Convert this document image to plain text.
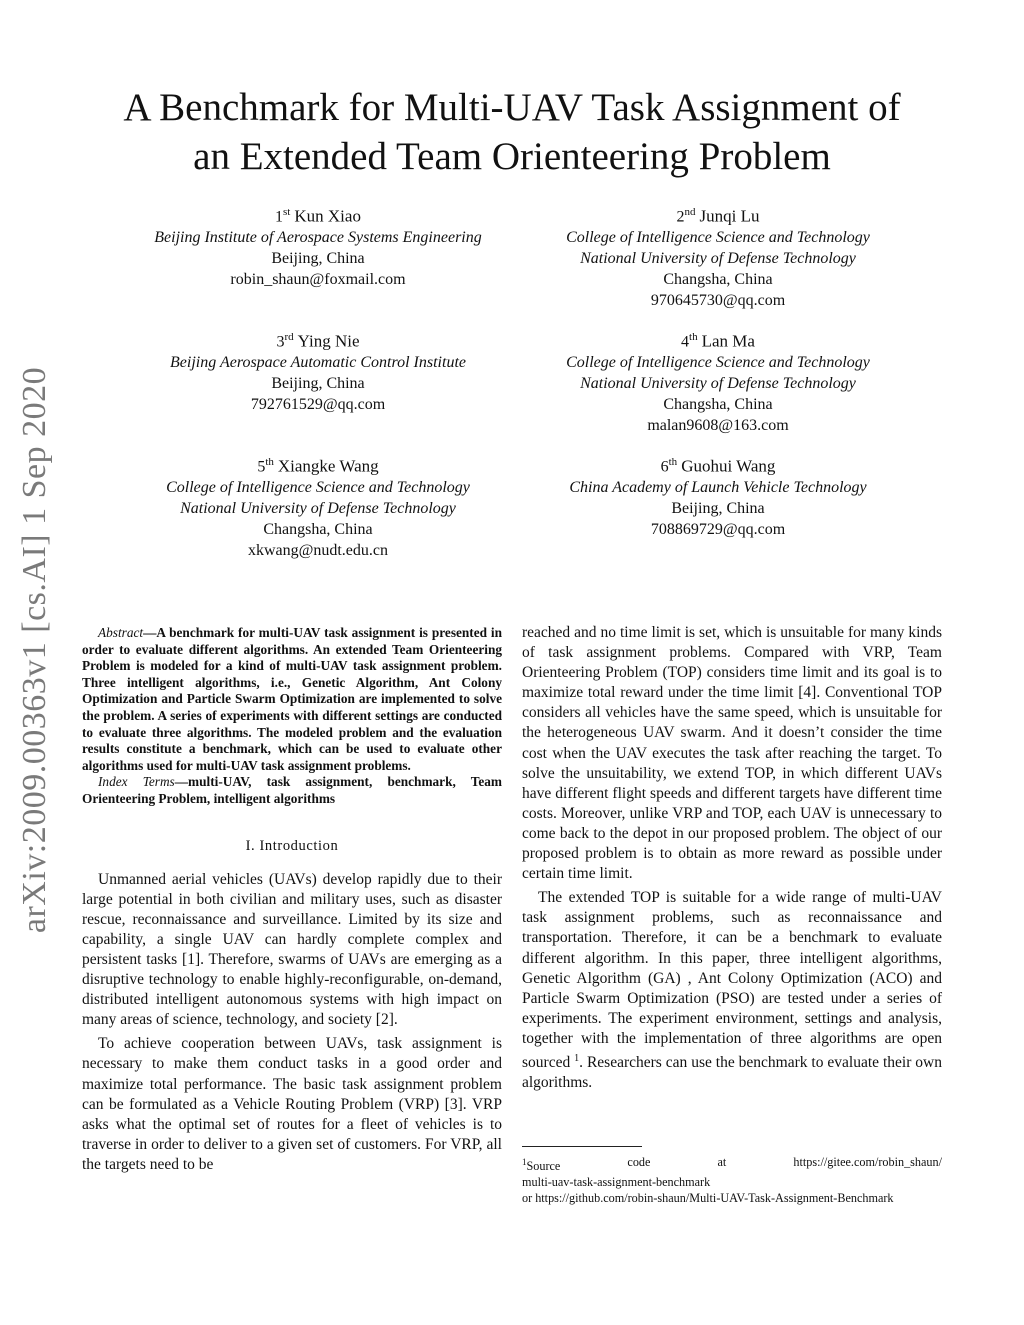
arXiv:2009.00363v1 [cs.AI] 1 Sep 2020
A Benchmark for Multi-UAV Task Assignment of
an Extended Team Orienteering Problem
1st Kun Xiao
Beijing Institute of Aerospace Systems Engineering
Beijing, China
robin_shaun@foxmail.com
2nd Junqi Lu
College of Intelligence Science and Technology
National University of Defense Technology
Changsha, China
970645730@qq.com
3rd Ying Nie
Beijing Aerospace Automatic Control Institute
Beijing, China
792761529@qq.com
4th Lan Ma
College of Intelligence Science and Technology
National University of Defense Technology
Changsha, China
malan9608@163.com
5th Xiangke Wang
College of Intelligence Science and Technology
National University of Defense Technology
Changsha, China
xkwang@nudt.edu.cn
6th Guohui Wang
China Academy of Launch Vehicle Technology
Beijing, China
708869729@qq.com

Abstract—A benchmark for multi-UAV task assignment is presented in order to evaluate different algorithms. An extended Team Orienteering Problem is modeled for a kind of multi-UAV task assignment problem. Three intelligent algorithms, i.e., Genetic Algorithm, Ant Colony Optimization and Particle Swarm Optimization are implemented to solve the problem. A series of experiments with different settings are conducted to evaluate three algorithms. The modeled problem and the evaluation results constitute a benchmark, which can be used to evaluate other algorithms used for multi-UAV task assignment problems.

Index Terms—multi-UAV, task assignment, benchmark, Team Orienteering Problem, intelligent algorithms

I. Introduction

Unmanned aerial vehicles (UAVs) develop rapidly due to their large potential in both civilian and military uses, such as disaster rescue, reconnaissance and surveillance. Limited by its size and capability, a single UAV can hardly complete complex and persistent tasks [1]. Therefore, swarms of UAVs are emerging as a disruptive technology to enable highly-reconfigurable, on-demand, distributed intelligent autonomous systems with high impact on many areas of science, technology, and society [2].

To achieve cooperation between UAVs, task assignment is necessary to make them conduct tasks in a good order and maximize total performance. The basic task assignment problem can be formulated as a Vehicle Routing Problem (VRP) [3]. VRP asks what the optimal set of routes for a fleet of vehicles is to traverse in order to deliver to a given set of customers. For VRP, all the targets need to be

reached and no time limit is set, which is unsuitable for many kinds of task assignment problems. Compared with VRP, Team Orienteering Problem (TOP) considers time limit and its goal is to maximize total reward under the time limit [4]. Conventional TOP considers all vehicles have the same speed, which is unsuitable for the heterogeneous UAV swarm. And it doesn’t consider the time cost when the UAV executes the task after reaching the target. To solve the unsuitability, we extend TOP, in which different UAVs have different flight speeds and different targets have different time costs. Moreover, unlike VRP and TOP, each UAV is unnecessary to come back to the depot in our proposed problem. The object of our proposed problem is to obtain as more reward as possible under certain time limit.

The extended TOP is suitable for a wide range of multi-UAV task assignment problems, such as reconnaissance and transportation. Therefore, it can be a benchmark to evaluate different algorithm. In this paper, three intelligent algorithms, Genetic Algorithm (GA) , Ant Colony Optimization (ACO) and Particle Swarm Optimization (PSO) are tested under a series of experiments. The experiment environment, settings and analysis, together with the implementation of three algorithms are open sourced $^1$. Researchers can use the benchmark to evaluate their own algorithms.

$^1$Source	code	at	https://gitee.com/robin_shaun/
multi-uav-task-assignment-benchmark
or https://github.com/robin-shaun/Multi-UAV-Task-Assignment-Benchmark
